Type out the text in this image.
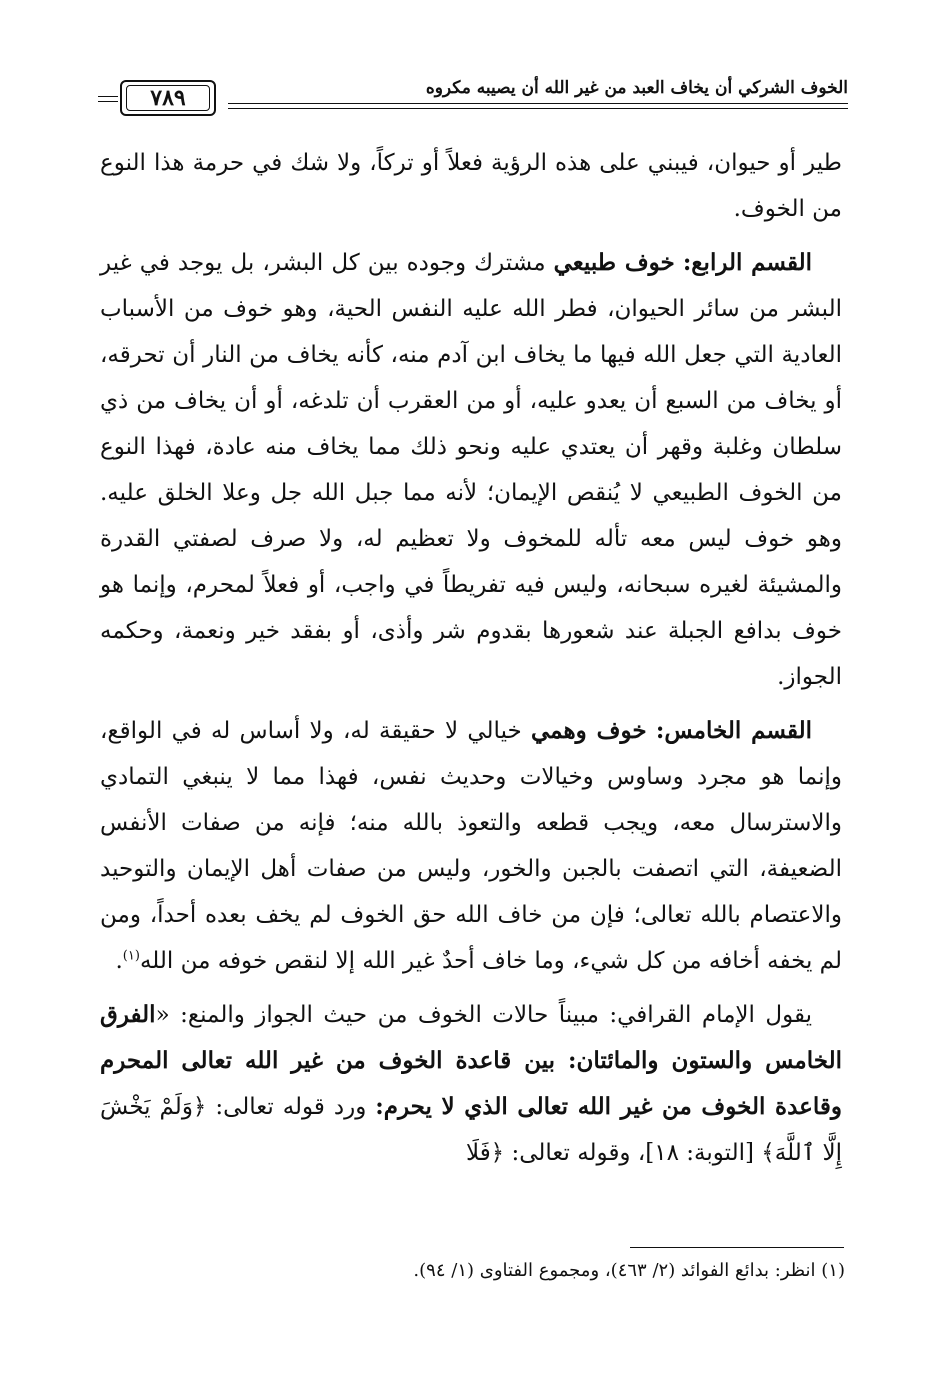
الخوف الشركي أن يخاف العبد من غير الله أن يصيبه مكروه
٧٨٩

طير أو حيوان، فيبني على هذه الرؤية فعلاً أو تركاً، ولا شك في حرمة هذا النوع من الخوف.

القسم الرابع: خوف طبيعي مشترك وجوده بين كل البشر، بل يوجد في غير البشر من سائر الحيوان، فطر الله عليه النفس الحية، وهو خوف من الأسباب العادية التي جعل الله فيها ما يخاف ابن آدم منه، كأنه يخاف من النار أن تحرقه، أو يخاف من السبع أن يعدو عليه، أو من العقرب أن تلدغه، أو أن يخاف من ذي سلطان وغلبة وقهر أن يعتدي عليه ونحو ذلك مما يخاف منه عادة، فهذا النوع من الخوف الطبيعي لا يُنقص الإيمان؛ لأنه مما جبل الله جل وعلا الخلق عليه. وهو خوف ليس معه تأله للمخوف ولا تعظيم له، ولا صرف لصفتي القدرة والمشيئة لغيره سبحانه، وليس فيه تفريطاً في واجب، أو فعلاً لمحرم، وإنما هو خوف بدافع الجبلة عند شعورها بقدوم شر وأذى، أو بفقد خير ونعمة، وحكمه الجواز.

القسم الخامس: خوف وهمي خيالي لا حقيقة له، ولا أساس له في الواقع، وإنما هو مجرد وساوس وخيالات وحديث نفس، فهذا مما لا ينبغي التمادي والاسترسال معه، ويجب قطعه والتعوذ بالله منه؛ فإنه من صفات الأنفس الضعيفة، التي اتصفت بالجبن والخور، وليس من صفات أهل الإيمان والتوحيد والاعتصام بالله تعالى؛ فإن من خاف الله حق الخوف لم يخف بعده أحداً، ومن لم يخفه أخافه من كل شيء، وما خاف أحدٌ غير الله إلا لنقص خوفه من الله$^{(١)}$.

يقول الإمام القرافي: مبيناً حالات الخوف من حيث الجواز والمنع: «الفرق الخامس والستون والمائتان: بين قاعدة الخوف من غير الله تعالى المحرم وقاعدة الخوف من غير الله تعالى الذي لا يحرم: ورد قوله تعالى: ﴿وَلَمْ يَخْشَ إِلَّا ٱللَّهَ﴾ [التوبة: ١٨]، وقوله تعالى: ﴿فَلَا

(١) انظر: بدائع الفوائد (٢/ ٤٦٣)، ومجموع الفتاوى (١/ ٩٤).
